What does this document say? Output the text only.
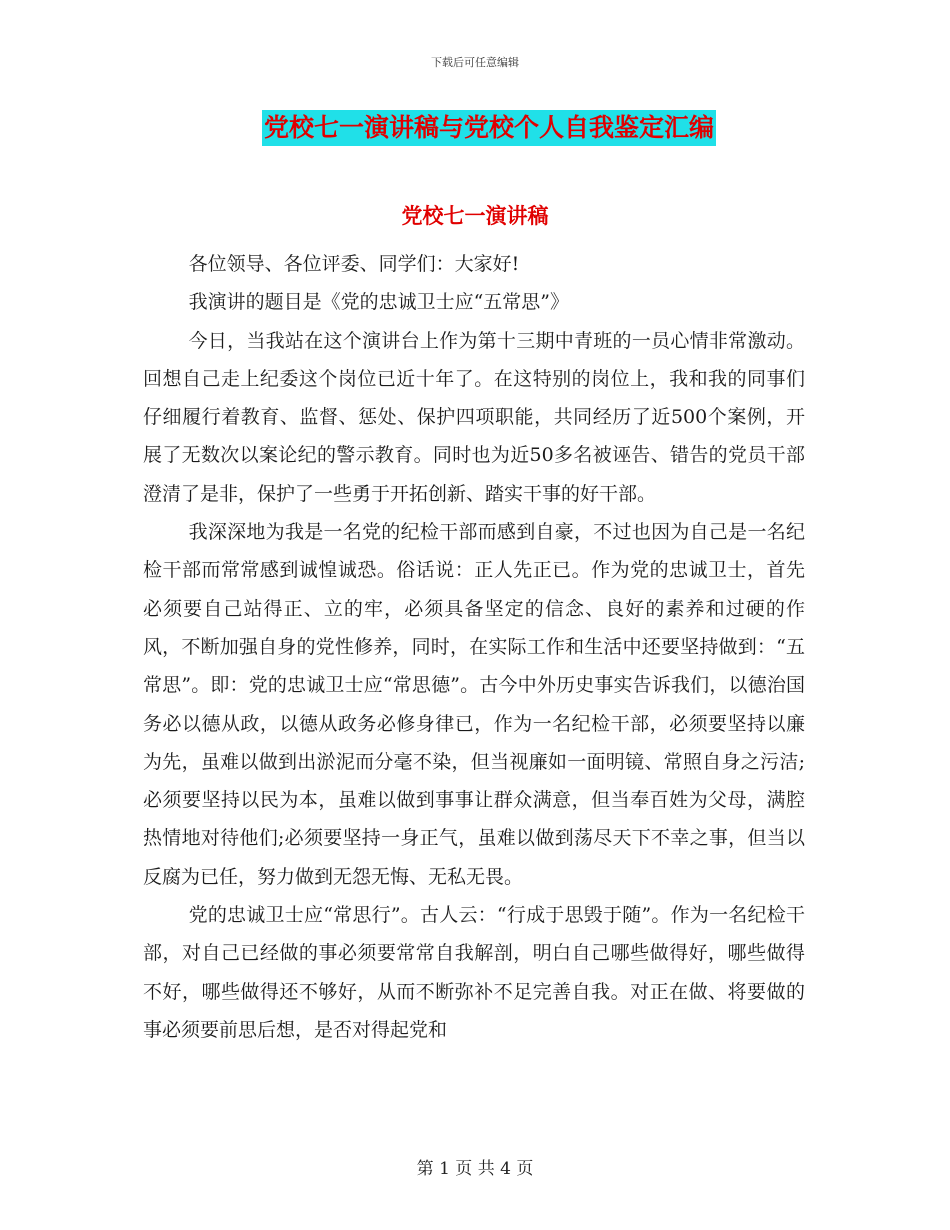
下载后可任意编辑
党校七一演讲稿与党校个人自我鉴定汇编
党校七一演讲稿

各位领导、各位评委、同学们：大家好!

我演讲的题目是《党的忠诚卫士应“五常思”》

今日，当我站在这个演讲台上作为第十三期中青班的一员心情非常激动。回想自己走上纪委这个岗位已近十年了。在这特别的岗位上，我和我的同事们仔细履行着教育、监督、惩处、保护四项职能，共同经历了近500个案例，开展了无数次以案论纪的警示教育。同时也为近50多名被诬告、错告的党员干部澄清了是非，保护了一些勇于开拓创新、踏实干事的好干部。

我深深地为我是一名党的纪检干部而感到自豪，不过也因为自己是一名纪检干部而常常感到诚惶诚恐。俗话说：正人先正已。作为党的忠诚卫士，首先必须要自己站得正、立的牢，必须具备坚定的信念、良好的素养和过硬的作风，不断加强自身的党性修养，同时，在实际工作和生活中还要坚持做到：“五常思”。即：党的忠诚卫士应“常思德”。古今中外历史事实告诉我们，以德治国务必以德从政，以德从政务必修身律已，作为一名纪检干部，必须要坚持以廉为先，虽难以做到出淤泥而分毫不染，但当视廉如一面明镜、常照自身之污洁;必须要坚持以民为本，虽难以做到事事让群众满意，但当奉百姓为父母，满腔热情地对待他们;必须要坚持一身正气，虽难以做到荡尽天下不幸之事，但当以反腐为已任，努力做到无怨无悔、无私无畏。

党的忠诚卫士应“常思行”。古人云：“行成于思毁于随”。作为一名纪检干部，对自己已经做的事必须要常常自我解剖，明白自己哪些做得好，哪些做得不好，哪些做得还不够好，从而不断弥补不足完善自我。对正在做、将要做的事必须要前思后想，是否对得起党和

第 1 页 共 4 页
